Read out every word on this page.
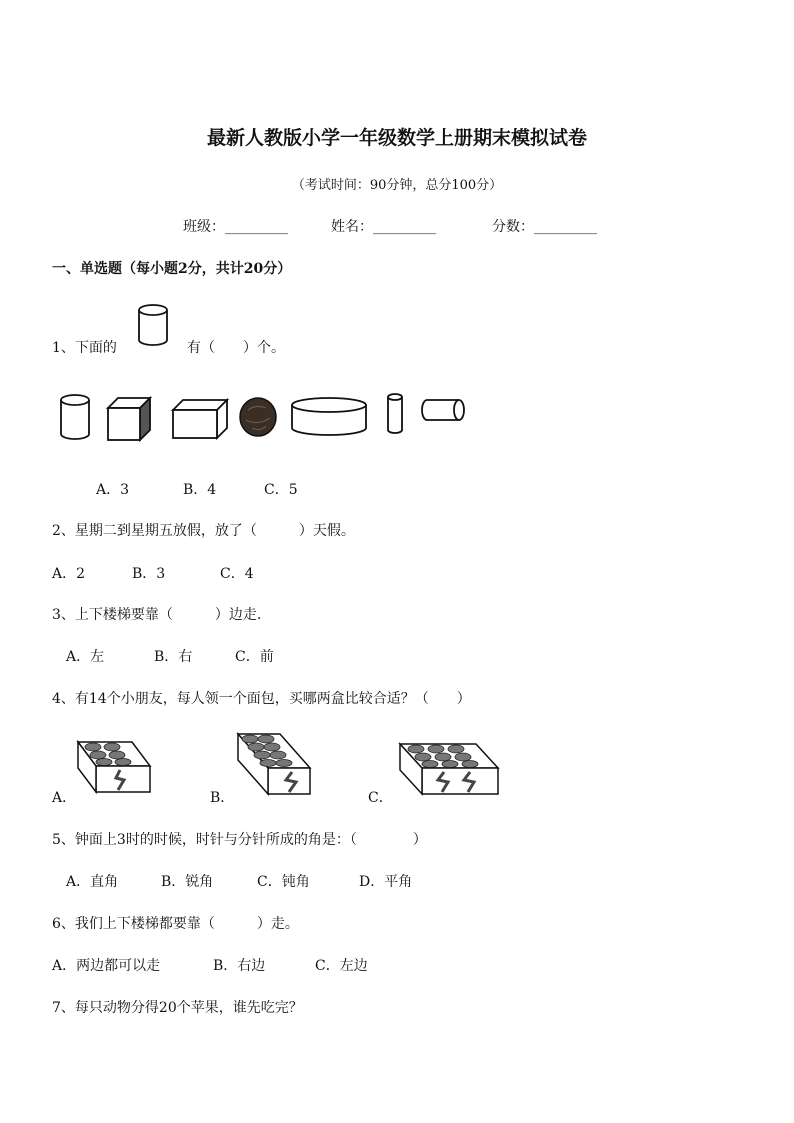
最新人教版小学一年级数学上册期末模拟试卷
（考试时间：90分钟，总分100分）
班级：_________	姓名：_________	分数：_________
一、单选题（每小题2分，共计20分）
1、下面的	有（　　）个。
A．3	B．4	C．5
2、星期二到星期五放假，放了（　　　）天假。
A．2	B．3	C．4
3、上下楼梯要靠（　　　）边走.
A．左	B．右	C．前
4、有14个小朋友，每人领一个面包，买哪两盒比较合适？（　　）
A．	B．	C．
5、钟面上3时的时候，时针与分针所成的角是：（　　　　）
A．直角	B．锐角	C．钝角	D．平角
6、我们上下楼梯都要靠（　　　）走。
A．两边都可以走	B．右边	C．左边
7、每只动物分得20个苹果，谁先吃完？
